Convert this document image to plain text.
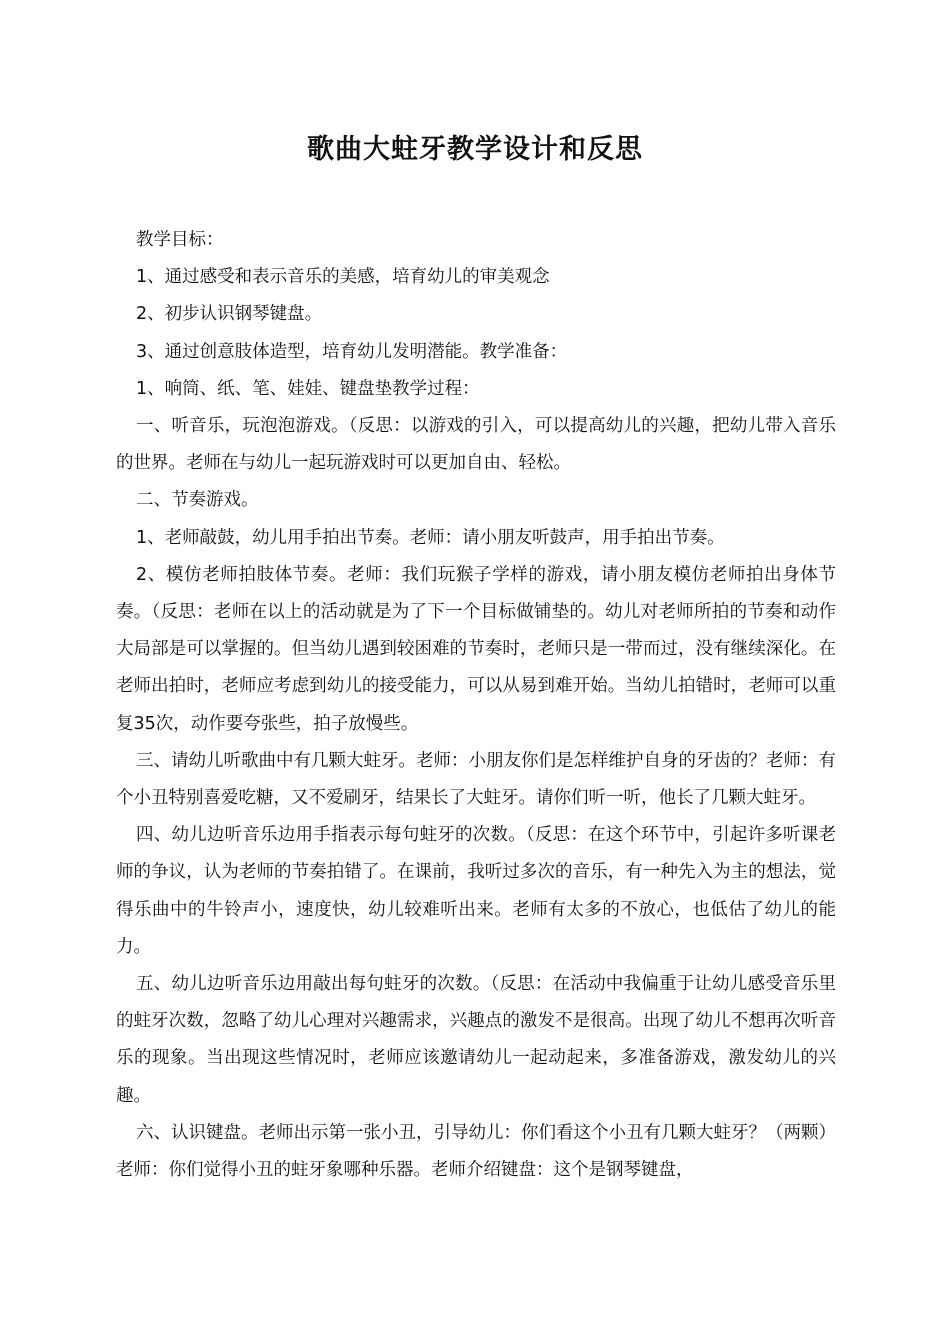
歌曲大蛀牙教学设计和反思

教学目标：

1、通过感受和表示音乐的美感，培育幼儿的审美观念

2、初步认识钢琴键盘。

3、通过创意肢体造型，培育幼儿发明潜能。教学准备：

1、响筒、纸、笔、娃娃、键盘垫教学过程：

一、听音乐，玩泡泡游戏。（反思：以游戏的引入，可以提高幼儿的兴趣，把幼儿带入音乐的世界。老师在与幼儿一起玩游戏时可以更加自由、轻松。

二、节奏游戏。

1、老师敲鼓，幼儿用手拍出节奏。老师：请小朋友听鼓声，用手拍出节奏。

2、模仿老师拍肢体节奏。老师：我们玩猴子学样的游戏，请小朋友模仿老师拍出身体节奏。（反思：老师在以上的活动就是为了下一个目标做铺垫的。幼儿对老师所拍的节奏和动作大局部是可以掌握的。但当幼儿遇到较困难的节奏时，老师只是一带而过，没有继续深化。在老师出拍时，老师应考虑到幼儿的接受能力，可以从易到难开始。当幼儿拍错时，老师可以重复35次，动作要夸张些，拍子放慢些。

三、请幼儿听歌曲中有几颗大蛀牙。老师：小朋友你们是怎样维护自身的牙齿的？老师：有个小丑特别喜爱吃糖，又不爱刷牙，结果长了大蛀牙。请你们听一听，他长了几颗大蛀牙。

四、幼儿边听音乐边用手指表示每句蛀牙的次数。（反思：在这个环节中，引起许多听课老师的争议，认为老师的节奏拍错了。在课前，我听过多次的音乐，有一种先入为主的想法，觉得乐曲中的牛铃声小，速度快，幼儿较难听出来。老师有太多的不放心，也低估了幼儿的能力。

五、幼儿边听音乐边用敲出每句蛀牙的次数。（反思：在活动中我偏重于让幼儿感受音乐里的蛀牙次数，忽略了幼儿心理对兴趣需求，兴趣点的激发不是很高。出现了幼儿不想再次听音乐的现象。当出现这些情况时，老师应该邀请幼儿一起动起来，多准备游戏，激发幼儿的兴趣。

六、认识键盘。老师出示第一张小丑，引导幼儿：你们看这个小丑有几颗大蛀牙？（两颗）老师：你们觉得小丑的蛀牙象哪种乐器。老师介绍键盘：这个是钢琴键盘，
